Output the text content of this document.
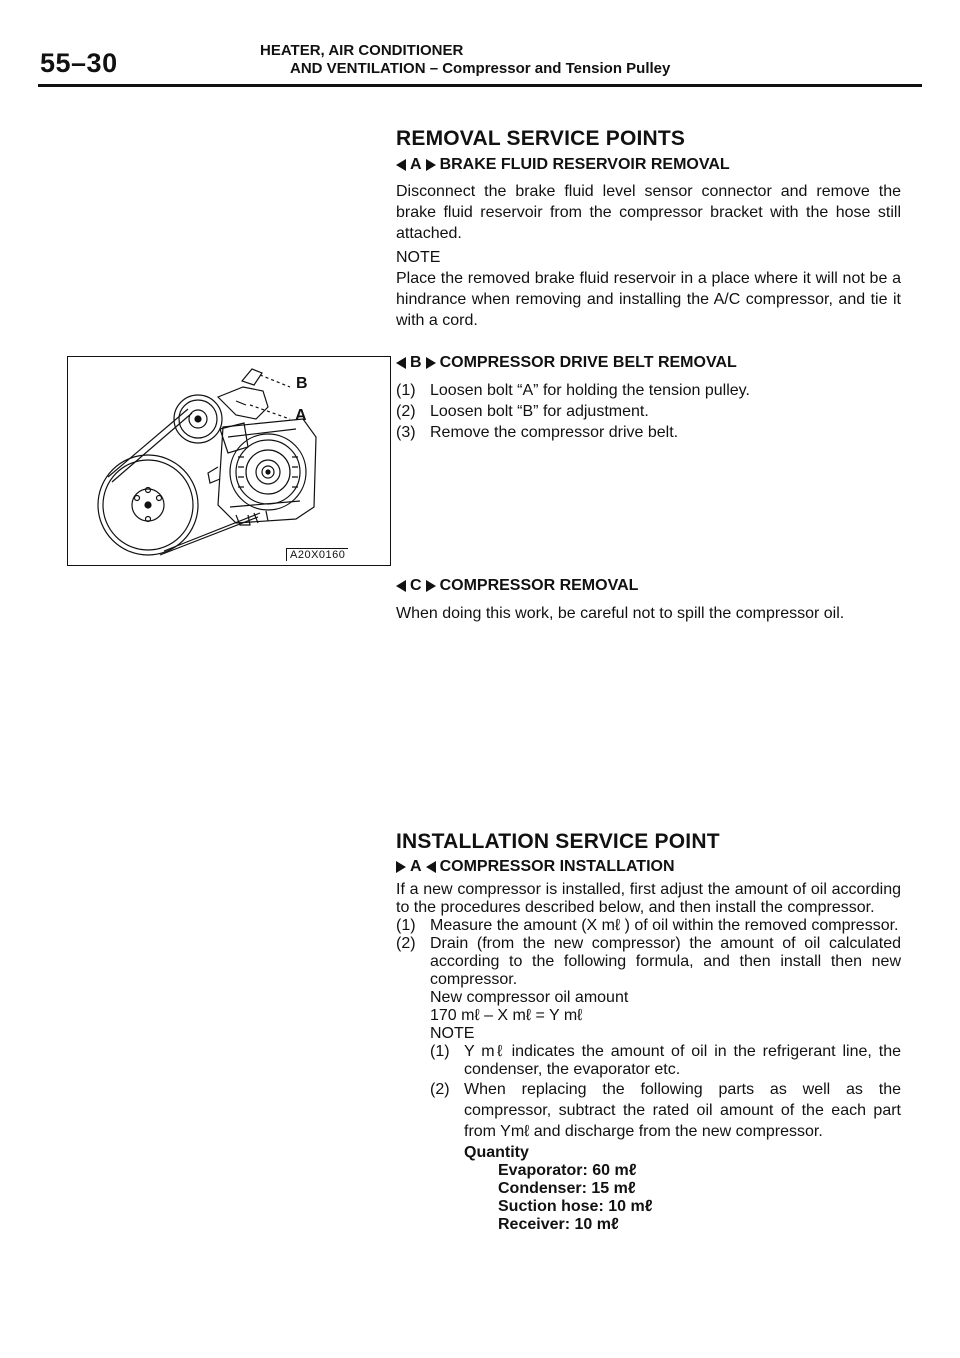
55–30	HEATER, AIR CONDITIONER
AND VENTILATION – Compressor and Tension Pulley
REMOVAL SERVICE POINTS
A BRAKE FLUID RESERVOIR REMOVAL
Disconnect the brake fluid level sensor connector and remove the brake fluid reservoir from the compressor bracket with the hose still attached.
NOTE
Place the removed brake fluid reservoir in a place where it will not be a hindrance when removing and installing the A/C compressor, and tie it with a cord.
B COMPRESSOR DRIVE BELT REMOVAL
(1) Loosen bolt “A” for holding the tension pulley.
(2) Loosen bolt “B” for adjustment.
(3) Remove the compressor drive belt.
C COMPRESSOR REMOVAL
When doing this work, be careful not to spill the compressor oil.
B
A
A20X0160
INSTALLATION SERVICE POINT
A COMPRESSOR INSTALLATION
If a new compressor is installed, first adjust the amount of oil according to the procedures described below, and then install the compressor.
(1) Measure the amount (X mℓ ) of oil within the removed compressor.
(2) Drain (from the new compressor) the amount of oil calculated according to the following formula, and then install then new compressor.
New compressor oil amount
170 mℓ – X mℓ = Y mℓ
NOTE
(1) Y mℓ indicates the amount of oil in the refrigerant line, the condenser, the evaporator etc.
(2) When replacing the following parts as well as the compressor, subtract the rated oil amount of the each part from Ymℓ and discharge from the new compressor.
Quantity
Evaporator: 60 mℓ
Condenser: 15 mℓ
Suction hose: 10 mℓ
Receiver: 10 mℓ
